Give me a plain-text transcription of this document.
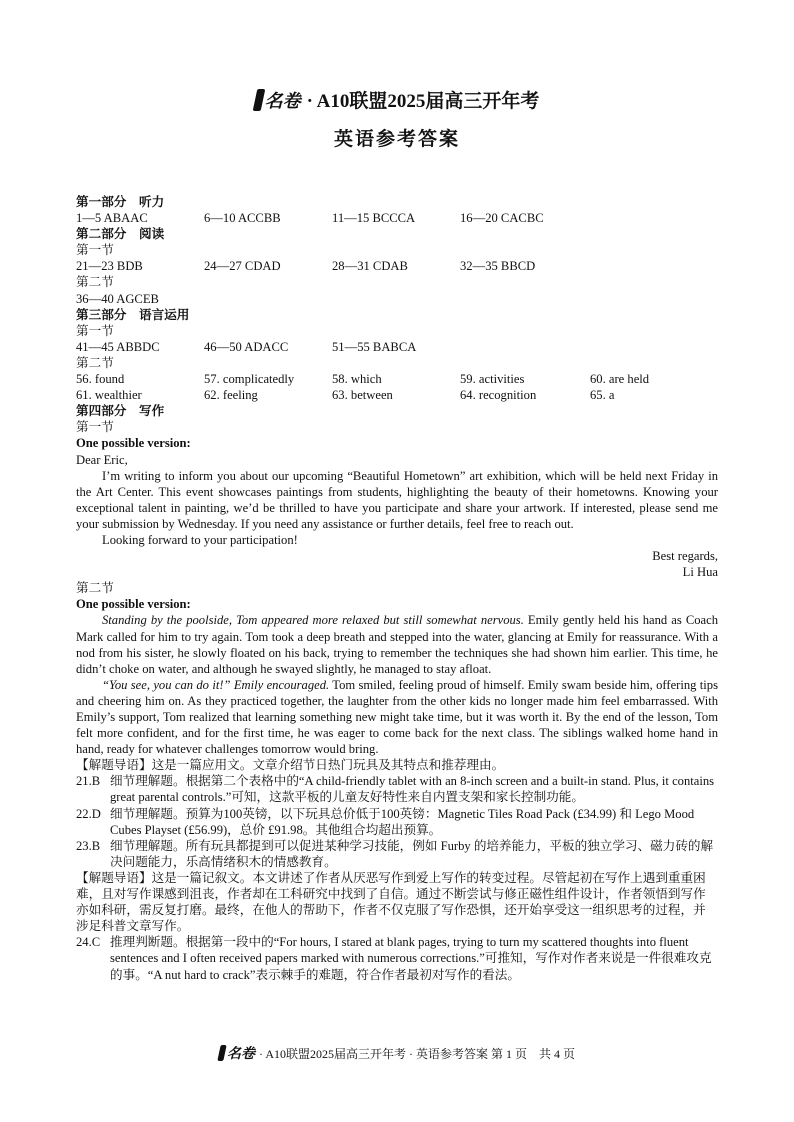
名卷 · A10联盟2025届高三开年考
英语参考答案

第一部分　听力

1—5 ABAAC	6—10 ACCBB	11—15 BCCCA	16—20 CACBC

第二部分　阅读

第一节

21—23 BDB	24—27 CDAD	28—31 CDAB	32—35 BBCD

第二节

36—40 AGCEB

第三部分　语言运用

第一节

41—45 ABBDC	46—50 ADACC	51—55 BABCA

第二节

56. found	57. complicatedly	58. which	59. activities	60. are held
61. wealthier	62. feeling	63. between	64. recognition	65. a

第四部分　写作

第一节

One possible version:

Dear Eric,

I’m writing to inform you about our upcoming “Beautiful Hometown” art exhibition, which will be held next Friday in the Art Center. This event showcases paintings from students, highlighting the beauty of their hometowns. Knowing your exceptional talent in painting, we’d be thrilled to have you participate and share your artwork. If interested, please send me your submission by Wednesday. If you need any assistance or further details, feel free to reach out.

Looking forward to your participation!

Best regards,

Li Hua

第二节

One possible version:

Standing by the poolside, Tom appeared more relaxed but still somewhat nervous. Emily gently held his hand as Coach Mark called for him to try again. Tom took a deep breath and stepped into the water, glancing at Emily for reassurance. With a nod from his sister, he slowly floated on his back, trying to remember the techniques she had shown him earlier. This time, he didn’t choke on water, and although he swayed slightly, he managed to stay afloat.

“You see, you can do it!” Emily encouraged. Tom smiled, feeling proud of himself. Emily swam beside him, offering tips and cheering him on. As they practiced together, the laughter from the other kids no longer made him feel embarrassed. With Emily’s support, Tom realized that learning something new might take time, but it was worth it. By the end of the lesson, Tom felt more confident, and for the first time, he was eager to come back for the next class. The siblings walked home hand in hand, ready for whatever challenges tomorrow would bring.

【解题导语】这是一篇应用文。文章介绍节日热门玩具及其特点和推荐理由。

21.B 细节理解题。根据第二个表格中的“A child-friendly tablet with an 8-inch screen and a built-in stand. Plus, it contains great parental controls.”可知，这款平板的儿童友好特性来自内置支架和家长控制功能。
22.D 细节理解题。预算为100英镑，以下玩具总价低于100英镑：Magnetic Tiles Road Pack (£34.99) 和 Lego Mood Cubes Playset (£56.99)，总价 £91.98。其他组合均超出预算。
23.B 细节理解题。所有玩具都提到可以促进某种学习技能，例如 Furby 的培养能力，平板的独立学习、磁力砖的解决问题能力，乐高情绪积木的情感教育。

【解题导语】这是一篇记叙文。本文讲述了作者从厌恶写作到爱上写作的转变过程。尽管起初在写作上遇到重重困难，且对写作课感到沮丧，作者却在工科研究中找到了自信。通过不断尝试与修正磁性组件设计，作者领悟到写作亦如科研，需反复打磨。最终，在他人的帮助下，作者不仅克服了写作恐惧，还开始享受这一组织思考的过程，并涉足科普文章写作。

24.C 推理判断题。根据第一段中的“For hours, I stared at blank pages, trying to turn my scattered thoughts into fluent sentences and I often received papers marked with numerous corrections.”可推知，写作对作者来说是一件很难攻克的事。“A nut hard to crack”表示棘手的难题，符合作者最初对写作的看法。
名卷 · A10联盟2025届高三开年考 · 英语参考答案 第 1 页　共 4 页
